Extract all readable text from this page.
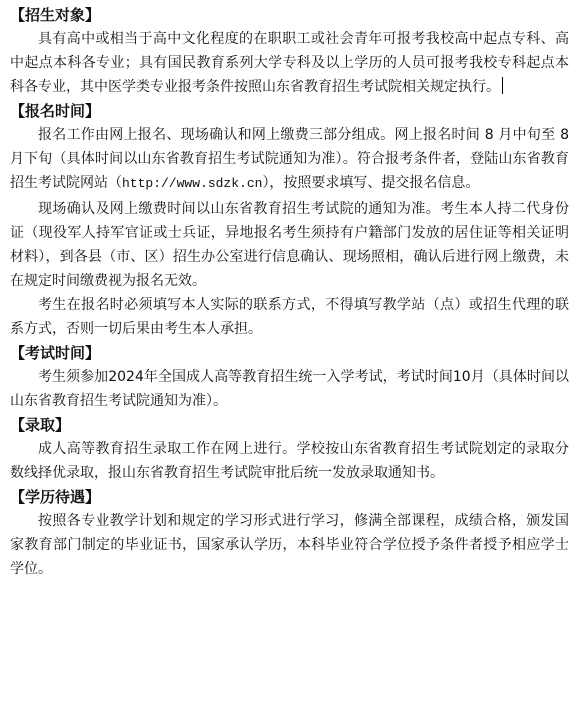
【招生对象】

具有高中或相当于高中文化程度的在职职工或社会青年可报考我校高中起点专科、高中起点本科各专业；具有国民教育系列大学专科及以上学历的人员可报考我校专科起点本科各专业，其中医学类专业报考条件按照山东省教育招生考试院相关规定执行。

【报名时间】

报名工作由网上报名、现场确认和网上缴费三部分组成。网上报名时间 8 月中旬至 8 月下旬（具体时间以山东省教育招生考试院通知为准）。符合报考条件者，登陆山东省教育招生考试院网站（http://www.sdzk.cn），按照要求填写、提交报名信息。

现场确认及网上缴费时间以山东省教育招生考试院的通知为准。考生本人持二代身份证（现役军人持军官证或士兵证，异地报名考生须持有户籍部门发放的居住证等相关证明材料），到各县（市、区）招生办公室进行信息确认、现场照相，确认后进行网上缴费，未在规定时间缴费视为报名无效。

考生在报名时必须填写本人实际的联系方式，不得填写教学站（点）或招生代理的联系方式，否则一切后果由考生本人承担。

【考试时间】

考生须参加2024年全国成人高等教育招生统一入学考试，考试时间10月（具体时间以山东省教育招生考试院通知为准）。

【录取】

成人高等教育招生录取工作在网上进行。学校按山东省教育招生考试院划定的录取分数线择优录取，报山东省教育招生考试院审批后统一发放录取通知书。

【学历待遇】

按照各专业教学计划和规定的学习形式进行学习，修满全部课程，成绩合格，颁发国家教育部门制定的毕业证书，国家承认学历，本科毕业符合学位授予条件者授予相应学士学位。
